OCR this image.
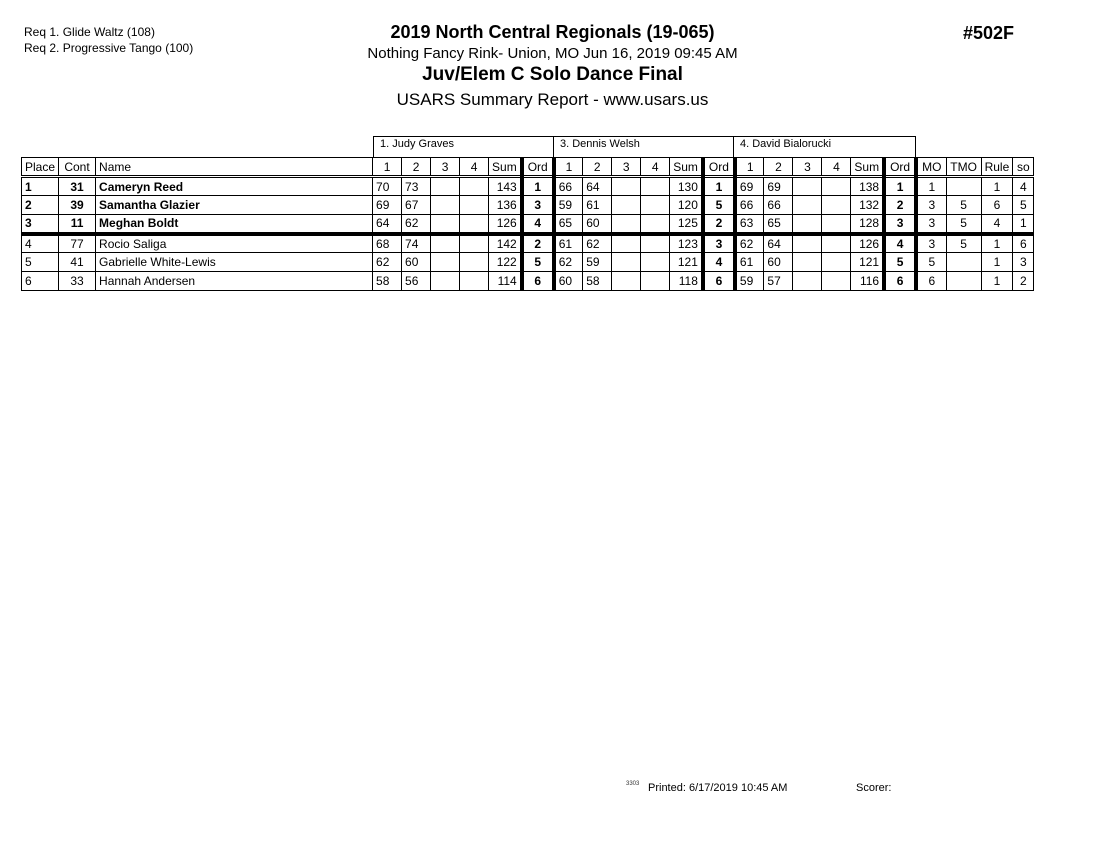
Req 1. Glide Waltz (108)
Req 2. Progressive Tango (100)
2019 North Central Regionals (19-065)
Nothing Fancy Rink- Union, MO Jun 16, 2019 09:45 AM
Juv/Elem C Solo Dance Final
USARS Summary Report - www.usars.us
#502F
1. Judy Graves	3. Dennis Welsh	4. David Bialorucki
Place	Cont	Name	1	2	3	4	Sum	Ord	1	2	3	4	Sum	Ord	1	2	3	4	Sum	Ord	MO	TMO	Rule	so
1	31	Cameryn Reed	70	73			143	1	66	64			130	1	69	69			138	1	1		1	4
2	39	Samantha Glazier	69	67			136	3	59	61			120	5	66	66			132	2	3	5	6	5
3	11	Meghan Boldt	64	62			126	4	65	60			125	2	63	65			128	3	3	5	4	1
4	77	Rocio Saliga	68	74			142	2	61	62			123	3	62	64			126	4	3	5	1	6
5	41	Gabrielle White-Lewis	62	60			122	5	62	59			121	4	61	60			121	5	5		1	3
6	33	Hannah Andersen	58	56			114	6	60	58			118	6	59	57			116	6	6		1	2
3303 Printed: 6/17/2019 10:45 AM	Scorer:
